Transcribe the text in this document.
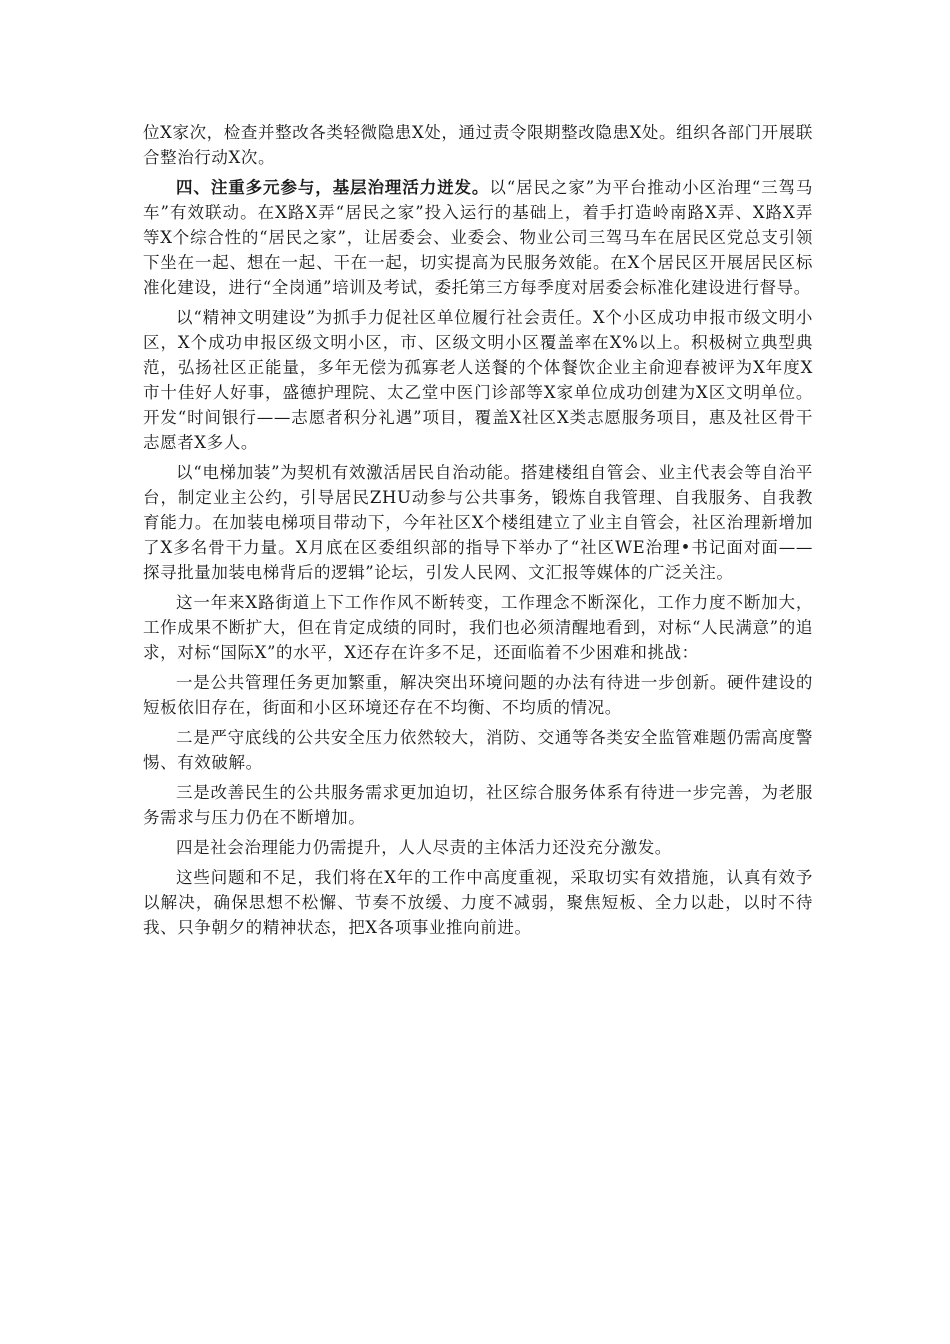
位X家次，检查并整改各类轻微隐患X处，通过责令限期整改隐患X处。组织各部门开展联合整治行动X次。

四、注重多元参与，基层治理活力迸发。以“居民之家”为平台推动小区治理“三驾马车”有效联动。在X路X弄“居民之家”投入运行的基础上，着手打造岭南路X弄、X路X弄等X个综合性的“居民之家”，让居委会、业委会、物业公司三驾马车在居民区党总支引领下坐在一起、想在一起、干在一起，切实提高为民服务效能。在X个居民区开展居民区标准化建设，进行“全岗通”培训及考试，委托第三方每季度对居委会标准化建设进行督导。

以“精神文明建设”为抓手力促社区单位履行社会责任。X个小区成功申报市级文明小区，X个成功申报区级文明小区，市、区级文明小区覆盖率在X%以上。积极树立典型典范，弘扬社区正能量，多年无偿为孤寡老人送餐的个体餐饮企业主俞迎春被评为X年度X市十佳好人好事，盛德护理院、太乙堂中医门诊部等X家单位成功创建为X区文明单位。开发“时间银行——志愿者积分礼遇”项目，覆盖X社区X类志愿服务项目，惠及社区骨干志愿者X多人。

以“电梯加装”为契机有效激活居民自治动能。搭建楼组自管会、业主代表会等自治平台，制定业主公约，引导居民ZHU动参与公共事务，锻炼自我管理、自我服务、自我教育能力。在加装电梯项目带动下，今年社区X个楼组建立了业主自管会，社区治理新增加了X多名骨干力量。X月底在区委组织部的指导下举办了“社区WE治理•书记面对面——探寻批量加装电梯背后的逻辑”论坛，引发人民网、文汇报等媒体的广泛关注。

这一年来X路街道上下工作作风不断转变，工作理念不断深化，工作力度不断加大，工作成果不断扩大，但在肯定成绩的同时，我们也必须清醒地看到，对标“人民满意”的追求，对标“国际X”的水平，X还存在许多不足，还面临着不少困难和挑战：

一是公共管理任务更加繁重，解决突出环境问题的办法有待进一步创新。硬件建设的短板依旧存在，街面和小区环境还存在不均衡、不均质的情况。

二是严守底线的公共安全压力依然较大，消防、交通等各类安全监管难题仍需高度警惕、有效破解。

三是改善民生的公共服务需求更加迫切，社区综合服务体系有待进一步完善，为老服务需求与压力仍在不断增加。

四是社会治理能力仍需提升，人人尽责的主体活力还没充分激发。

这些问题和不足，我们将在X年的工作中高度重视，采取切实有效措施，认真有效予以解决，确保思想不松懈、节奏不放缓、力度不减弱，聚焦短板、全力以赴，以时不待我、只争朝夕的精神状态，把X各项事业推向前进。
